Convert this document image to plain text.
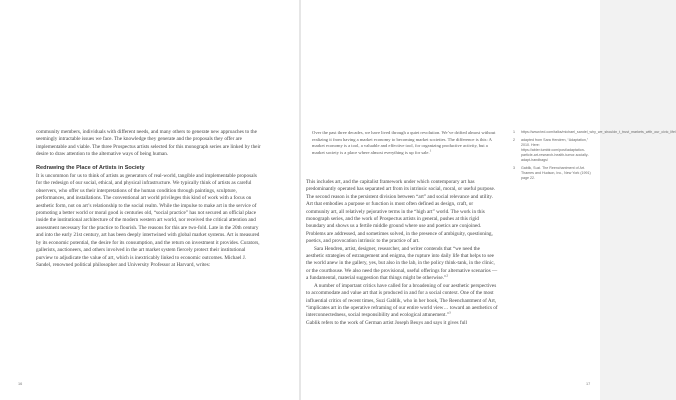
community members, individuals with different needs, and many others to generate new approaches to the seemingly intractable issues we face. The knowledge they generate and the proposals they offer are implementable and viable. The three Prospectus artists selected for this monograph series are linked by their desire to draw attention to the alternative ways of being human.

Redrawing the Place of Artists in Society

It is uncommon for us to think of artists as generators of real-world, tangible and implementable proposals for the redesign of our social, ethical, and physical infrastructure. We typically think of artists as careful observers, who offer us their interpretations of the human condition through paintings, sculpture, performances, and installations. The conventional art world privileges this kind of work with a focus on aesthetic form, not on art’s relationship to the social realm. While the impulse to make art in the service of promoting a better world or moral good is centuries old, “social practice” has not secured an official place inside the institutional architecture of the modern western art world, nor received the critical attention and assessment necessary for the practice to flourish. The reasons for this are two-fold. Late in the 20th century and into the early 21st century, art has been deeply intertwined with global market systems. Art is measured by its economic potential, the desire for its consumption, and the return on investment it provides. Curators, gallerists, auctioneers, and others involved in the art market system fiercely protect their institutional purview to adjudicate the value of art, which is inextricably linked to economic outcomes. Michael J. Sandel, renowned political philosopher and University Professor at Harvard, writes:

16

Over the past three decades, we have lived through a quiet revolution. We’ve drifted almost without realizing it from having a market economy to becoming market societies. The difference is this: A market economy is a tool, a valuable and effective tool, for organizing productive activity, but a market society is a place where almost everything is up for sale.$^1$

This includes art, and the capitalist framework under which contemporary art has predominantly operated has separated art from its intrinsic social, moral, or useful purpose. The second reason is the persistent division between “art” and social relevance and utility. Art that embodies a purpose or function is most often defined as design, craft, or community art, all relatively pejorative terms in the “high art” world. The work in this monograph series, and the work of Prospectus artists in general, pushes at this rigid boundary and shows us a fertile middle ground where use and poetics are conjoined. Problems are addressed, and sometimes solved, in the presence of ambiguity, questioning, poetics, and provocation intrinsic to the practice of art.

Sara Hendren, artist, designer, researcher, and writer contends that “we need the aesthetic strategies of estrangement and enigma, the rupture into daily life that helps to see the world anew in the gallery, yes, but also in the lab, in the policy think-tank, in the clinic, or the courthouse. We also need the provisional, useful offerings for alternative scenarios — a fundamental, material suggestion that things might be otherwise.”$^2$

A number of important critics have called for a broadening of our aesthetic perspectives to accommodate and value art that is produced in and for a social context. One of the most influential critics of recent times, Suzi Gablik, who in her book, The Reenchantment of Art, “implicates art in the operative reframing of our entire world view… toward an aesthetics of interconnectedness, social responsibility and ecological attunement.”$^3$

Gablik refers to the work of German artist Joseph Beuys and says it gives full

1 https://www.ted.com/talks/michael_sandel_why_we_shouldn_t_trust_markets_with_our_civic_life/
2 adapted from Sara Hendren, “Adaptation,” 2010. Here: https://abler.tumblr.com/post/adaptation-particle-art-research-health-tumor-socially-adapt-handbags/
3 Gablik, Suzi. The Reenchantment of Art. Thames and Hudson, Inc., New York (1991) page 22.
17
